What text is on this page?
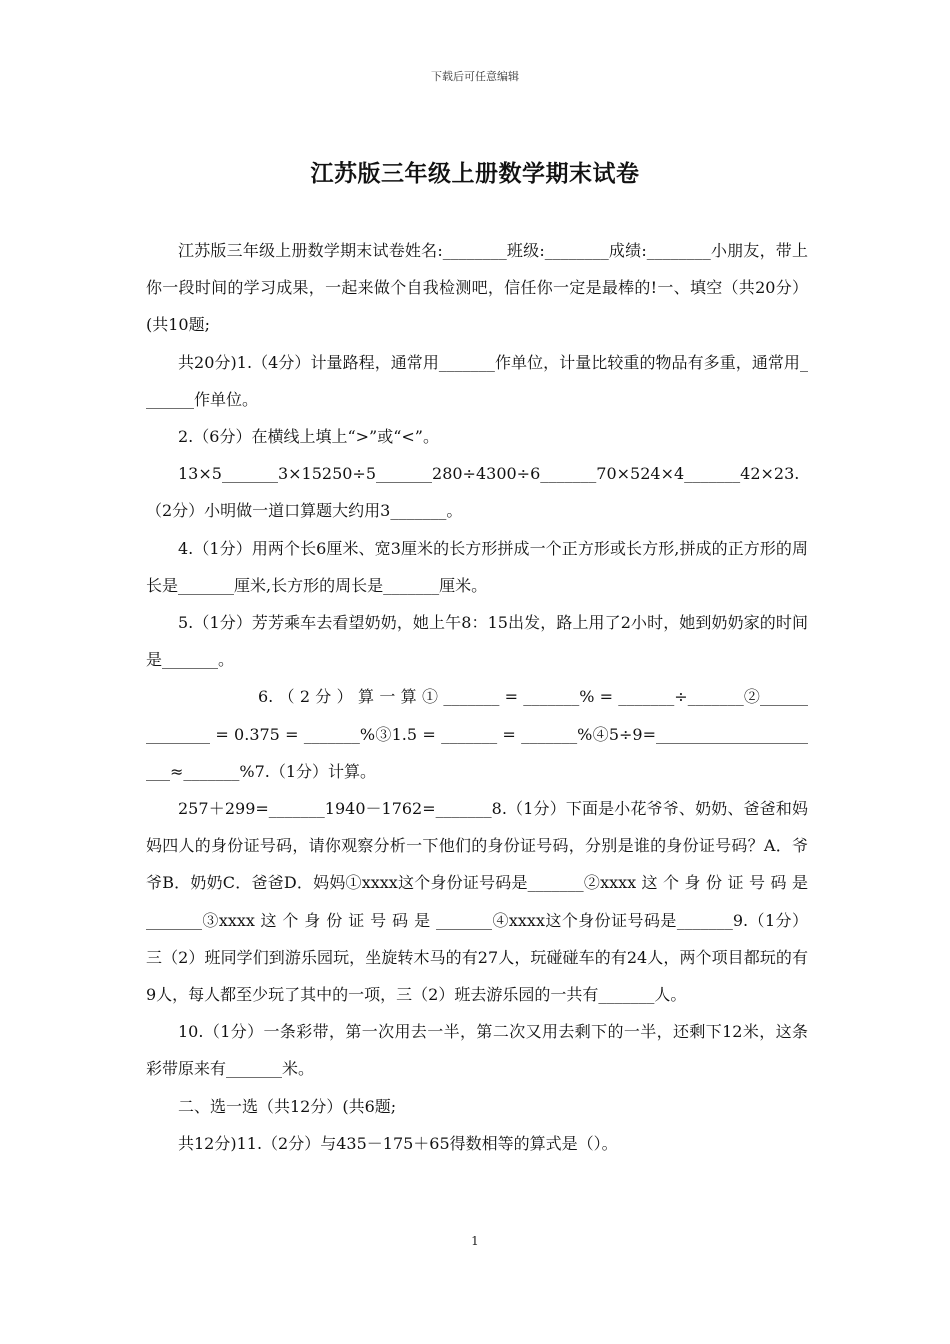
下载后可任意编辑
江苏版三年级上册数学期末试卷

江苏版三年级上册数学期末试卷姓名:________班级:________成绩:________小朋友，带上你一段时间的学习成果，一起来做个自我检测吧，信任你一定是最棒的!一、填空（共20分）(共10题;

共20分)1.（4分）计量路程，通常用_______作单位，计量比较重的物品有多重，通常用_______作单位。

2.（6分）在横线上填上“>”或“<”。

13×5_______3×15250÷5_______280÷4300÷6_______70×524×4_______42×23.（2分）小明做一道口算题大约用3_______。

4.（1分）用两个长6厘米、宽3厘米的长方形拼成一个正方形或长方形,拼成的正方形的周长是_______厘米,长方形的周长是_______厘米。

5.（1分）芳芳乘车去看望奶奶，她上午8：15出发，路上用了2小时，她到奶奶家的时间是_______。

6. （ 2 分 ） 算 一 算 ① _______ = _______% = _______÷_______②______________ = 0.375 = _______%③1.5 = _______ = _______%④5÷9=______________________≈_______%7.（1分）计算。

257＋299=_______1940－1762=_______8.（1分）下面是小花爷爷、奶奶、爸爸和妈妈四人的身份证号码，请你观察分析一下他们的身份证号码，分别是谁的身份证号码？A．爷爷B．奶奶C．爸爸D．妈妈①xxxx这个身份证号码是_______②xxxx 这 个 身 份 证 号 码 是 _______③xxxx 这 个 身 份 证 号 码 是 _______④xxxx这个身份证号码是_______9.（1分）三（2）班同学们到游乐园玩，坐旋转木马的有27人，玩碰碰车的有24人，两个项目都玩的有9人，每人都至少玩了其中的一项，三（2）班去游乐园的一共有_______人。

10.（1分）一条彩带，第一次用去一半，第二次又用去剩下的一半，还剩下12米，这条彩带原来有_______米。

二、选一选（共12分）(共6题;

共12分)11.（2分）与435－175＋65得数相等的算式是（）。

1
